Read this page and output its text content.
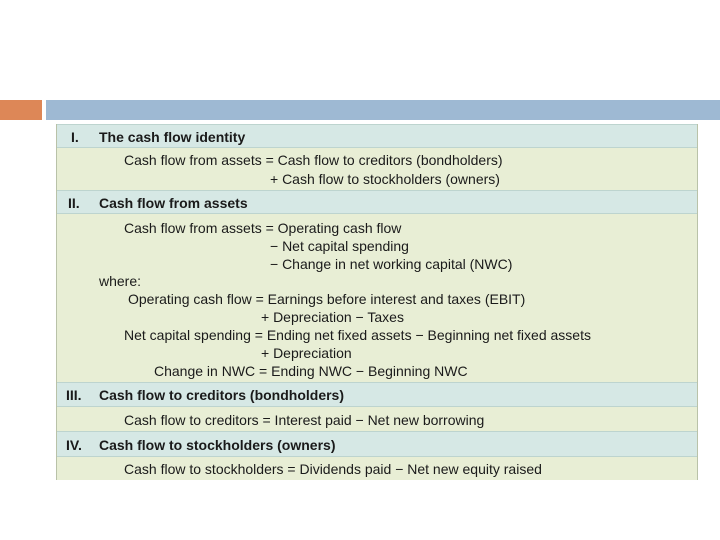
I. The cash flow identity
Cash flow from assets = Cash flow to creditors (bondholders)
+ Cash flow to stockholders (owners)
II. Cash flow from assets
Cash flow from assets = Operating cash flow
− Net capital spending
− Change in net working capital (NWC)
where:
Operating cash flow = Earnings before interest and taxes (EBIT)
+ Depreciation − Taxes
Net capital spending = Ending net fixed assets − Beginning net fixed assets
+ Depreciation
Change in NWC = Ending NWC − Beginning NWC
III. Cash flow to creditors (bondholders)
Cash flow to creditors = Interest paid − Net new borrowing
IV. Cash flow to stockholders (owners)
Cash flow to stockholders = Dividends paid − Net new equity raised
